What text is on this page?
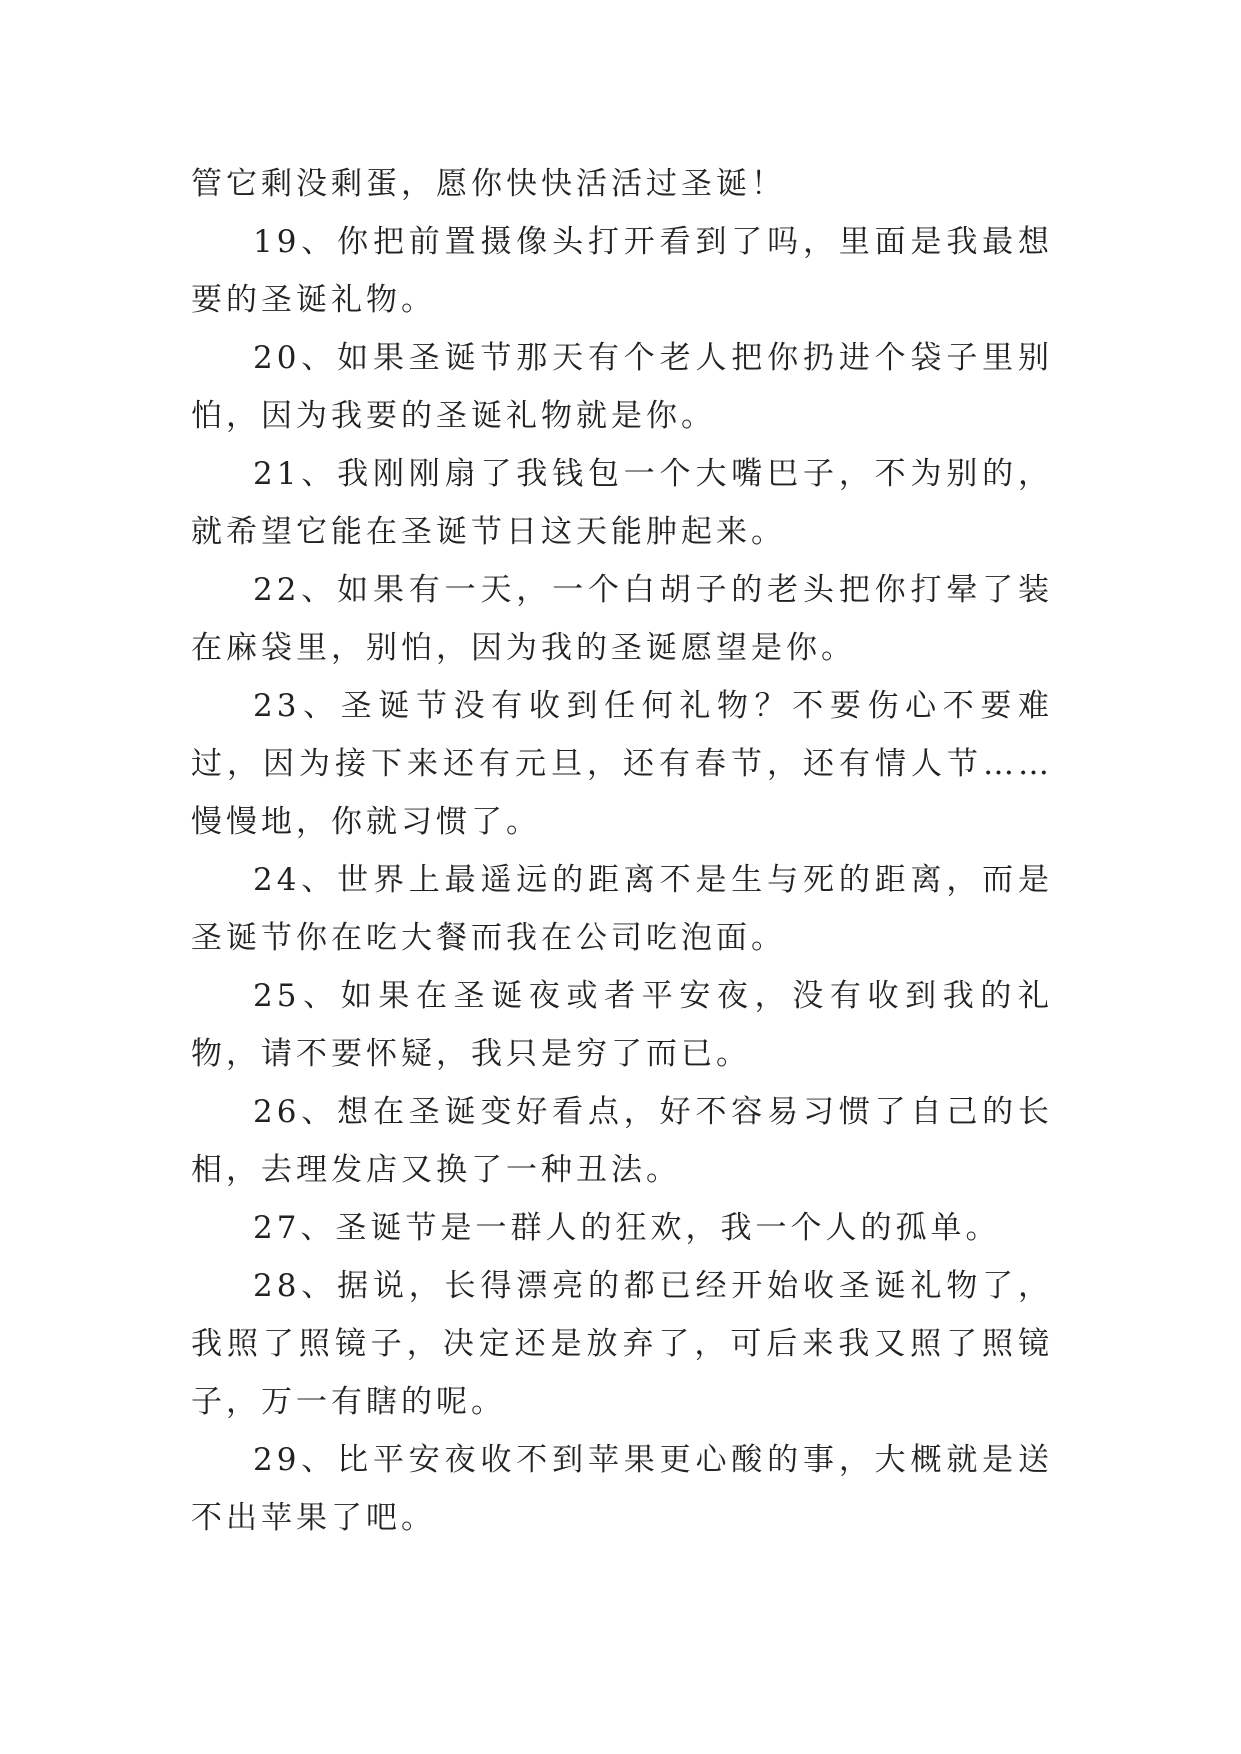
管它剩没剩蛋，愿你快快活活过圣诞！

19、你把前置摄像头打开看到了吗，里面是我最想要的圣诞礼物。

20、如果圣诞节那天有个老人把你扔进个袋子里别怕，因为我要的圣诞礼物就是你。

21、我刚刚扇了我钱包一个大嘴巴子，不为别的，就希望它能在圣诞节日这天能肿起来。

22、如果有一天，一个白胡子的老头把你打晕了装在麻袋里，别怕，因为我的圣诞愿望是你。

23、圣诞节没有收到任何礼物？不要伤心不要难过，因为接下来还有元旦，还有春节，还有情人节……慢慢地，你就习惯了。

24、世界上最遥远的距离不是生与死的距离，而是圣诞节你在吃大餐而我在公司吃泡面。

25、如果在圣诞夜或者平安夜，没有收到我的礼物，请不要怀疑，我只是穷了而已。

26、想在圣诞变好看点，好不容易习惯了自己的长相，去理发店又换了一种丑法。

27、圣诞节是一群人的狂欢，我一个人的孤单。

28、据说，长得漂亮的都已经开始收圣诞礼物了，我照了照镜子，决定还是放弃了，可后来我又照了照镜子，万一有瞎的呢。

29、比平安夜收不到苹果更心酸的事，大概就是送不出苹果了吧。
